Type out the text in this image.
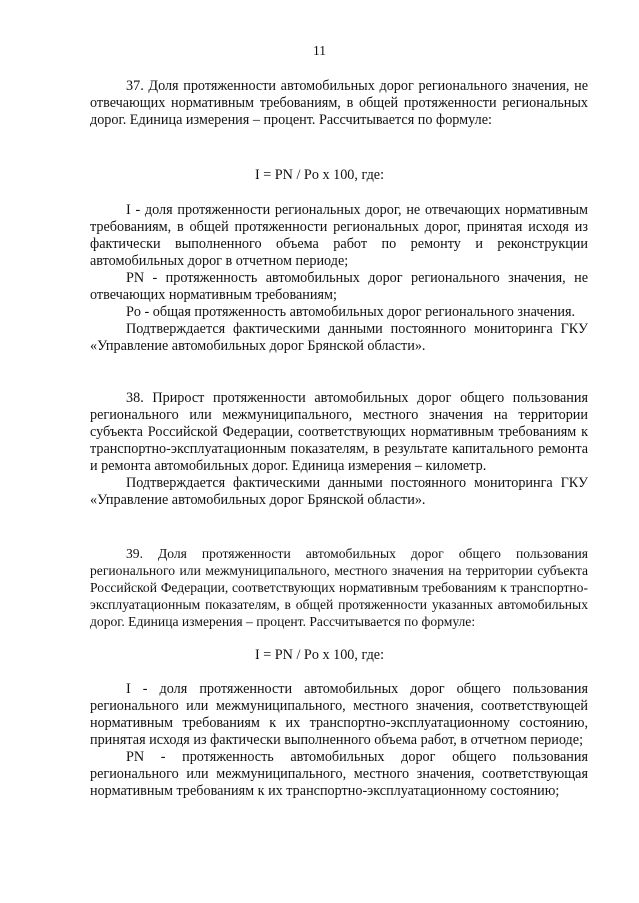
11

37. Доля протяженности автомобильных дорог регионального значения, не отвечающих нормативным требованиям, в общей протяженности региональных дорог. Единица измерения – процент. Рассчитывается по формуле:

I = PN / Po x 100, где:

I - доля протяженности региональных дорог, не отвечающих нормативным требованиям, в общей протяженности региональных дорог, принятая исходя из фактически выполненного объема работ по ремонту и реконструкции автомобильных дорог в отчетном периоде;

PN - протяженность автомобильных дорог регионального значения, не отвечающих нормативным требованиям;

Po - общая протяженность автомобильных дорог регионального значения.

Подтверждается фактическими данными постоянного мониторинга ГКУ «Управление автомобильных дорог Брянской области».

38. Прирост протяженности автомобильных дорог общего пользования регионального или межмуниципального, местного значения на территории субъекта Российской Федерации, соответствующих нормативным требованиям к транспортно-эксплуатационным показателям, в результате капитального ремонта и ремонта автомобильных дорог. Единица измерения – километр.

Подтверждается фактическими данными постоянного мониторинга ГКУ «Управление автомобильных дорог Брянской области».

39. Доля протяженности автомобильных дорог общего пользования регионального или межмуниципального, местного значения на территории субъекта Российской Федерации, соответствующих нормативным требованиям к транспортно-эксплуатационным показателям, в общей протяженности указанных автомобильных дорог. Единица измерения – процент. Рассчитывается по формуле:

I = PN / Po x 100, где:

I - доля протяженности автомобильных дорог общего пользования регионального или межмуниципального, местного значения, соответствующей нормативным требованиям к их транспортно-эксплуатационному состоянию, принятая исходя из фактически выполненного объема работ, в отчетном периоде;

PN - протяженность автомобильных дорог общего пользования регионального или межмуниципального, местного значения, соответствующая нормативным требованиям к их транспортно-эксплуатационному состоянию;
